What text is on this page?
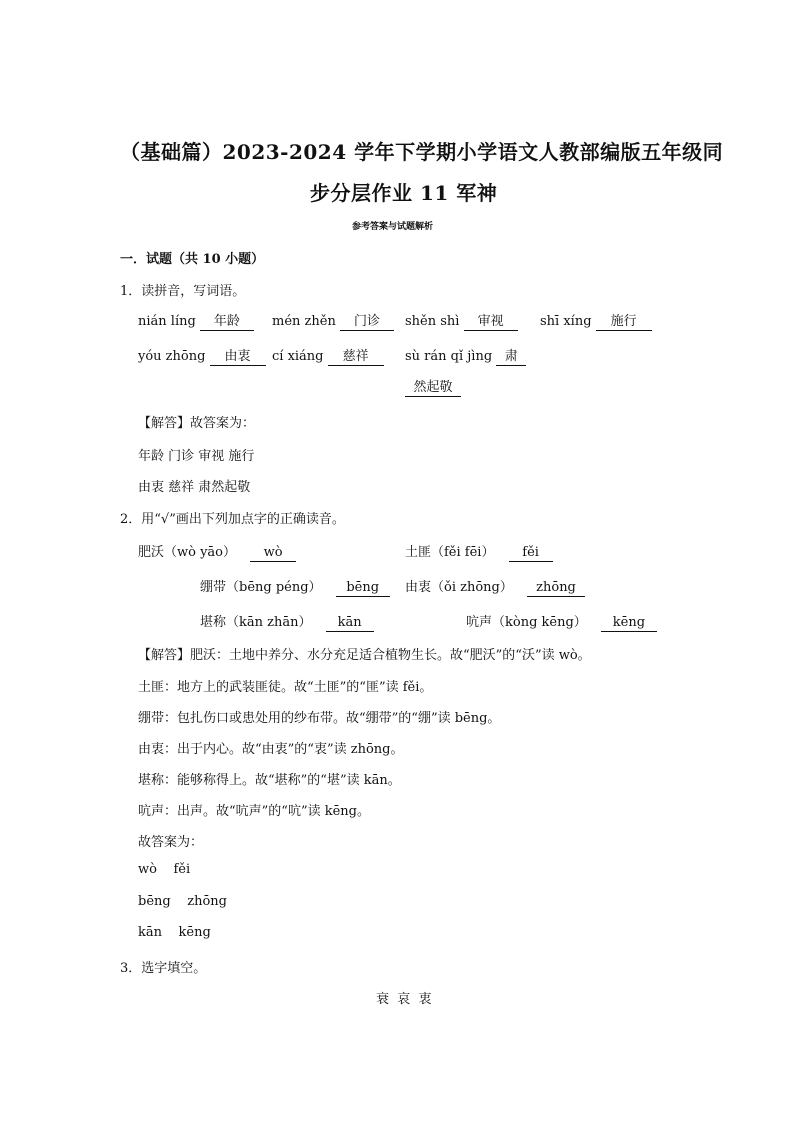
（基础篇）2023-2024 学年下学期小学语文人教部编版五年级同
步分层作业 11 军神
参考答案与试题解析
一．试题（共 10 小题）
1．读拼音，写词语。
nián líng 年龄	mén zhěn 门诊	shěn shì 审视	shī xíng 施行
yóu zhōng 由衷	cí xiáng 慈祥	sù rán qǐ jìng 肃
然起敬
【解答】故答案为：
年龄 门诊 审视 施行
由衷 慈祥 肃然起敬
2．用“√”画出下列加点字的正确读音。
肥沃（wò yāo） wò	土匪（fěi fēi） fěi
绷带（bēng péng） bēng	由衷（ǒi zhōng） zhōng
堪称（kān zhān） kān	吭声（kòng kēng） kēng
【解答】肥沃：土地中养分、水分充足适合植物生长。故“肥沃”的“沃”读 wò。
土匪：地方上的武装匪徒。故“土匪”的“匪”读 fěi。
绷带：包扎伤口或患处用的纱布带。故“绷带”的“绷”读 bēng。
由衷：出于内心。故“由衷”的“衷”读 zhōng。
堪称：能够称得上。故“堪称”的“堪”读 kān。
吭声：出声。故“吭声”的“吭”读 kēng。
故答案为：
wò    fěi
bēng    zhōng
kān    kēng
3．选字填空。
衰  哀  衷
